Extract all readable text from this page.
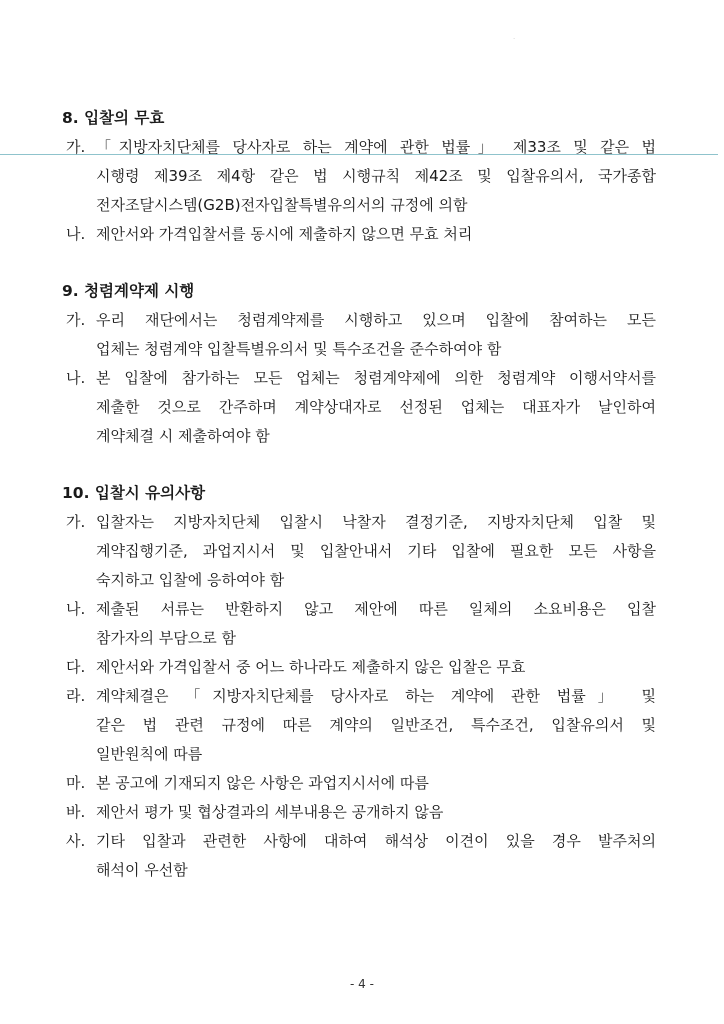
.
8. 입찰의 무효
가. 「지방자치단체를 당사자로 하는 계약에 관한 법률」 제33조 및 같은 법
시행령 제39조 제4항 같은 법 시행규칙 제42조 및 입찰유의서, 국가종합
전자조달시스템(G2B)전자입찰특별유의서의 규정에 의함
나. 제안서와 가격입찰서를 동시에 제출하지 않으면 무효 처리
9. 청렴계약제 시행
가. 우리 재단에서는 청렴계약제를 시행하고 있으며 입찰에 참여하는 모든
업체는 청렴계약 입찰특별유의서 및 특수조건을 준수하여야 함
나. 본 입찰에 참가하는 모든 업체는 청렴계약제에 의한 청렴계약 이행서약서를
제출한 것으로 간주하며 계약상대자로 선정된 업체는 대표자가 날인하여
계약체결 시 제출하여야 함
10. 입찰시 유의사항
가. 입찰자는 지방자치단체 입찰시 낙찰자 결정기준, 지방자치단체 입찰 및
계약집행기준, 과업지시서 및 입찰안내서 기타 입찰에 필요한 모든 사항을
숙지하고 입찰에 응하여야 함
나. 제출된 서류는 반환하지 않고 제안에 따른 일체의 소요비용은 입찰
참가자의 부담으로 함
다. 제안서와 가격입찰서 중 어느 하나라도 제출하지 않은 입찰은 무효
라. 계약체결은 「지방자치단체를 당사자로 하는 계약에 관한 법률」 및
같은 법 관련 규정에 따른 계약의 일반조건, 특수조건, 입찰유의서 및
일반원칙에 따름
마. 본 공고에 기재되지 않은 사항은 과업지시서에 따름
바. 제안서 평가 및 협상결과의 세부내용은 공개하지 않음
사. 기타 입찰과 관련한 사항에 대하여 해석상 이견이 있을 경우 발주처의
해석이 우선함
- 4 -
